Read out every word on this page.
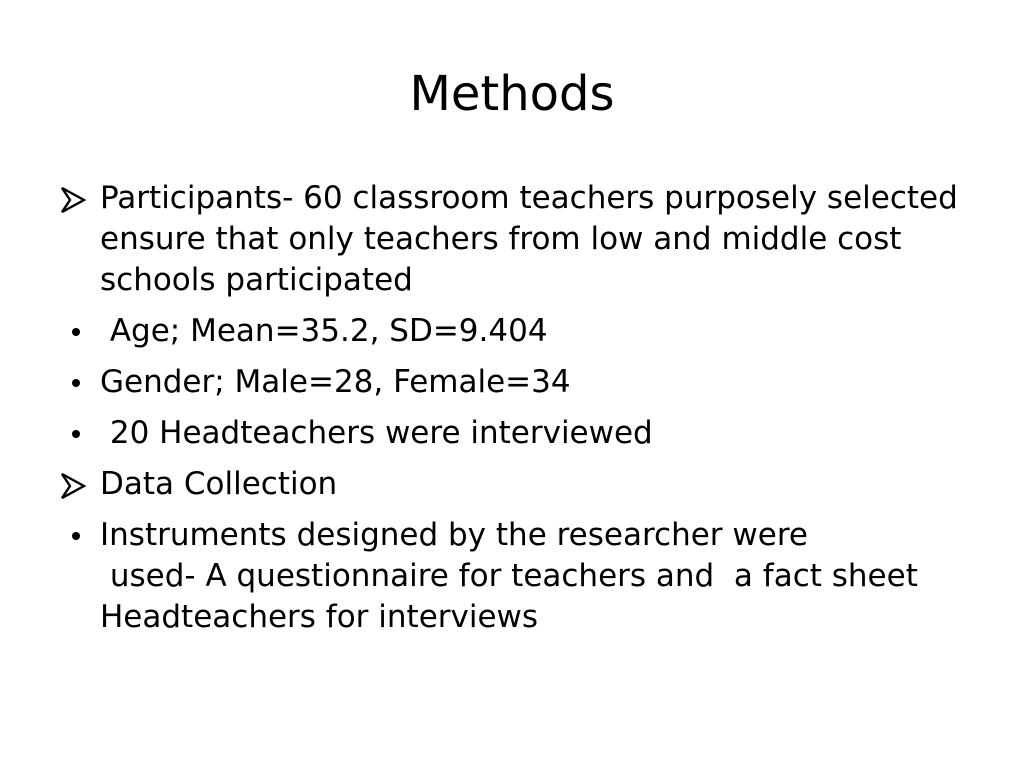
Methods
Participants- 60 classroom teachers purposely selected ensure that only teachers from low and middle cost schools participated
Age; Mean=35.2, SD=9.404
Gender; Male=28, Female=34
20 Headteachers were interviewed
Data Collection
Instruments designed by the researcher were
used- A questionnaire for teachers and  a fact sheet Headteachers for interviews
